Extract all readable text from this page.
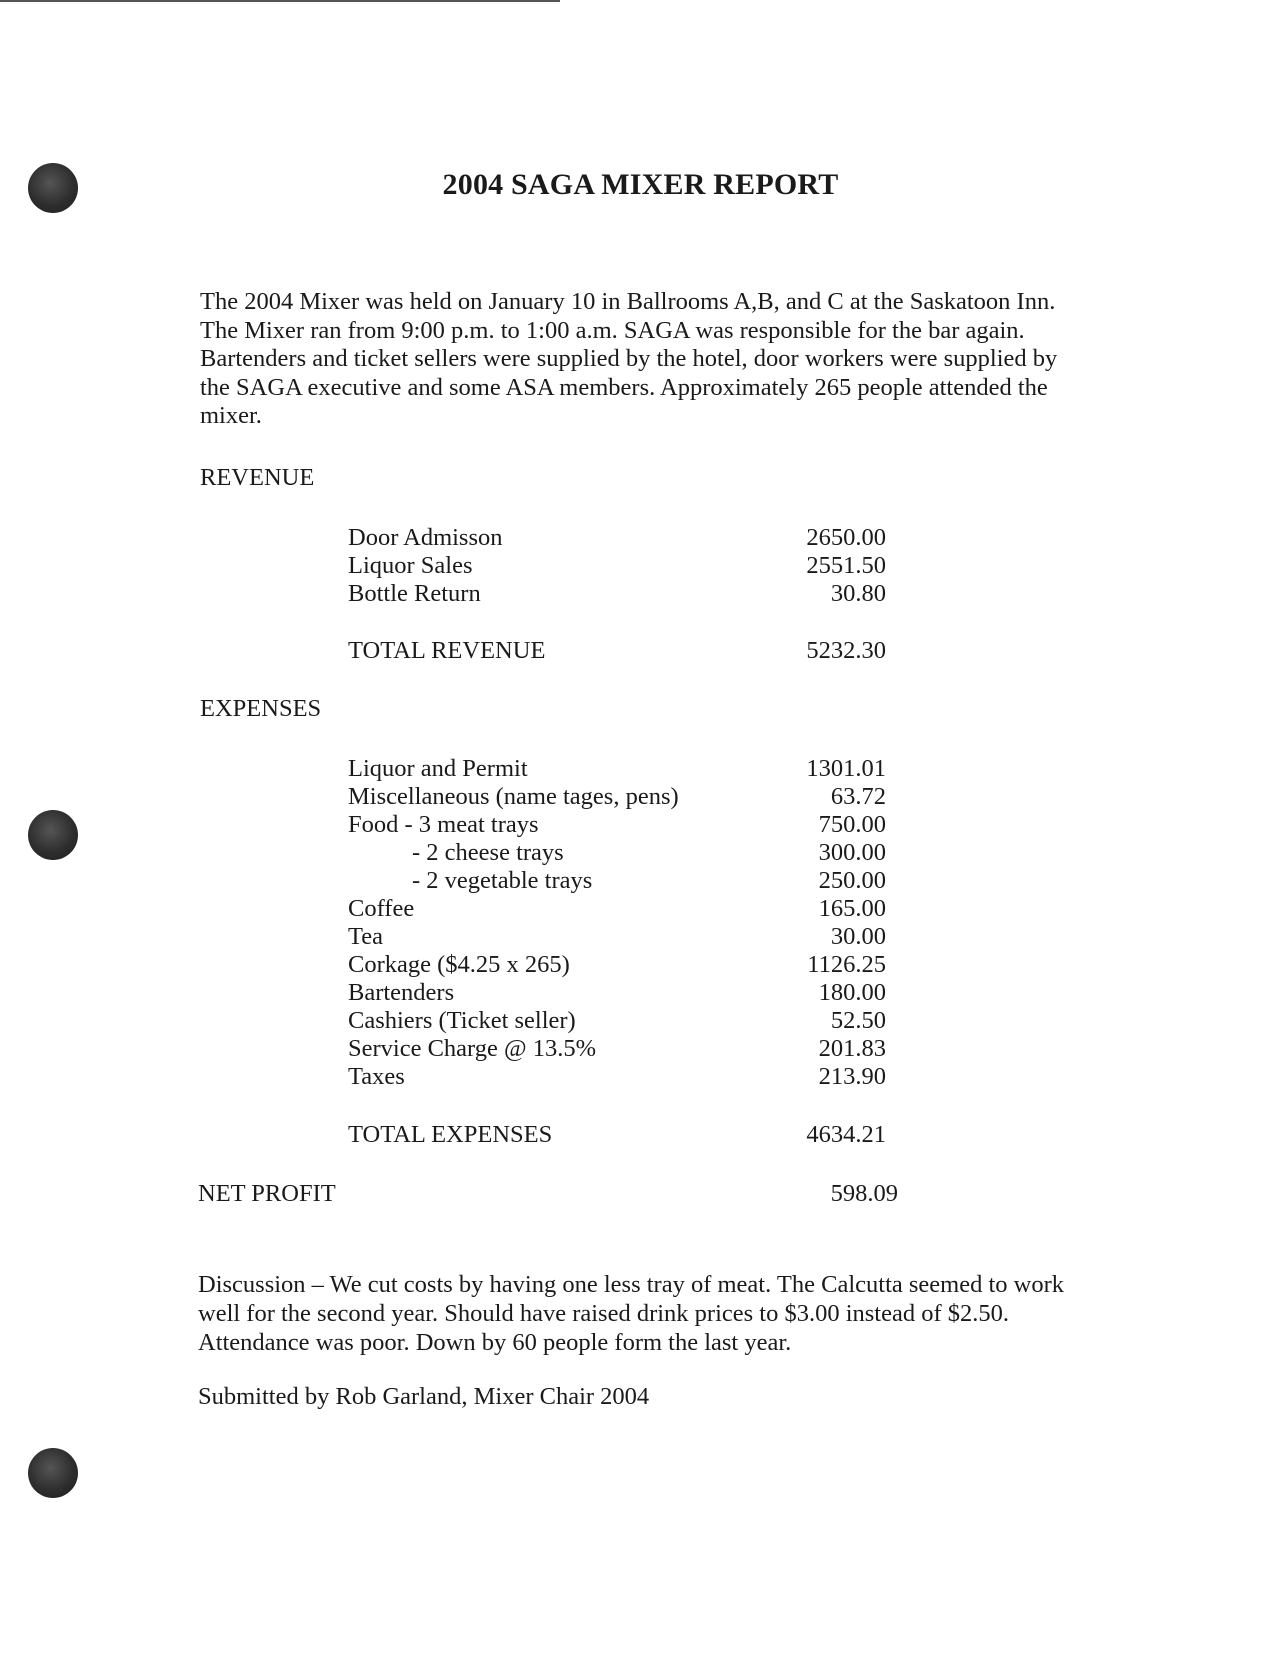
2004 SAGA MIXER REPORT
The 2004 Mixer was held on January 10 in Ballrooms A,B, and C at the Saskatoon Inn.
The Mixer ran from 9:00 p.m. to 1:00 a.m. SAGA was responsible for the bar again.
Bartenders and ticket sellers were supplied by the hotel, door workers were supplied by
the SAGA executive and some ASA members. Approximately 265 people attended the
mixer.
REVENUE
Door Admisson	2650.00
Liquor Sales	2551.50
Bottle Return	30.80
TOTAL REVENUE	5232.30
EXPENSES
Liquor and Permit	1301.01
Miscellaneous (name tages, pens)	63.72
Food - 3 meat trays	750.00
- 2 cheese trays	300.00
- 2 vegetable trays	250.00
Coffee	165.00
Tea	30.00
Corkage ($4.25 x 265)	1126.25
Bartenders	180.00
Cashiers (Ticket seller)	52.50
Service Charge @ 13.5%	201.83
Taxes	213.90
TOTAL EXPENSES	4634.21
NET PROFIT	598.09
Discussion – We cut costs by having one less tray of meat. The Calcutta seemed to work
well for the second year. Should have raised drink prices to $3.00 instead of $2.50.
Attendance was poor. Down by 60 people form the last year.
Submitted by Rob Garland, Mixer Chair 2004
